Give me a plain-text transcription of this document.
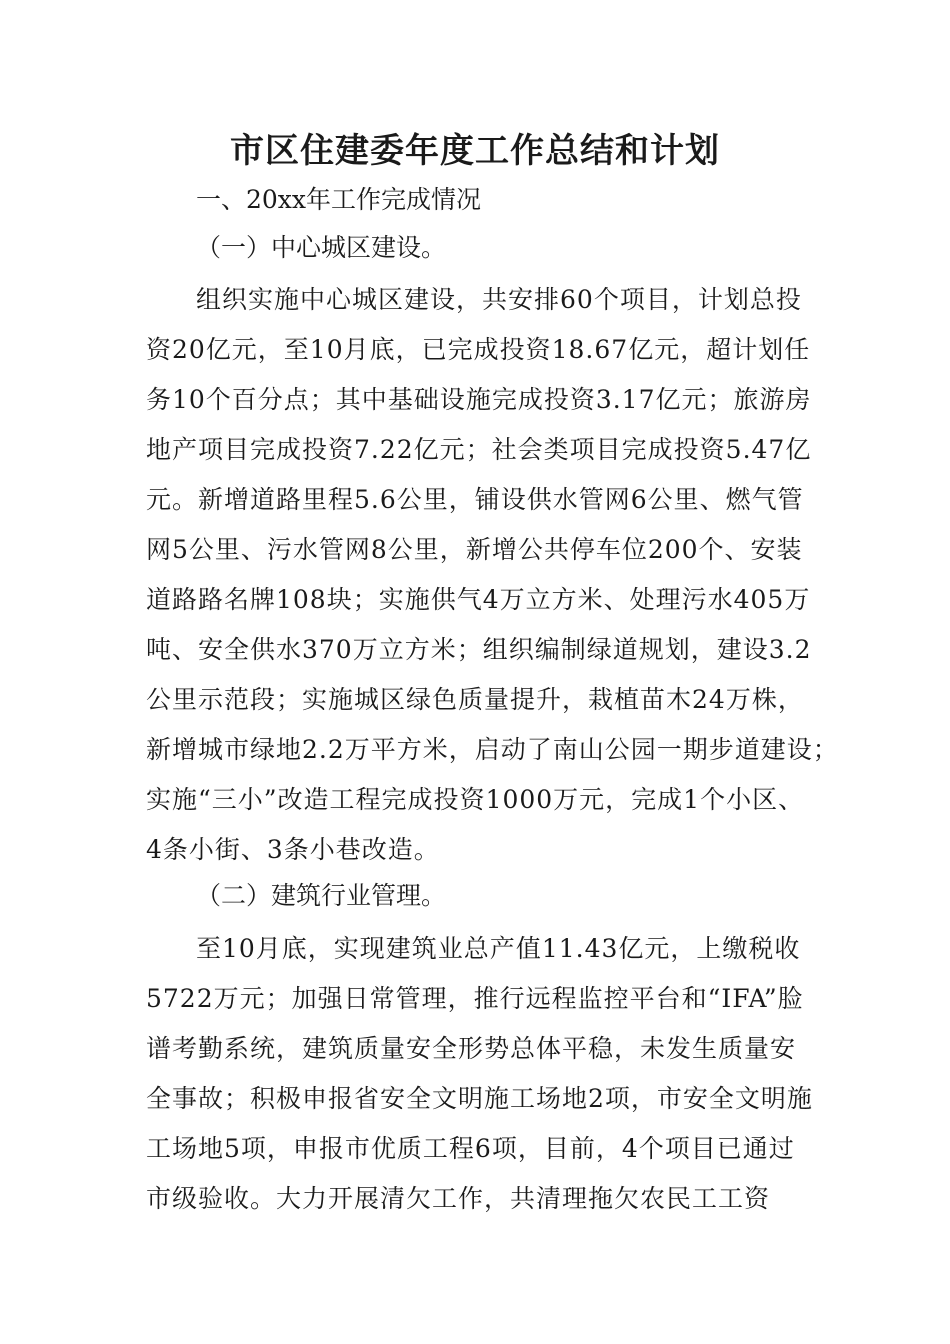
市区住建委年度工作总结和计划

一、20xx年工作完成情况

（一）中心城区建设。

组织实施中心城区建设，共安排60个项目，计划总投
资20亿元，至10月底，已完成投资18.67亿元，超计划任
务10个百分点；其中基础设施完成投资3.17亿元；旅游房
地产项目完成投资7.22亿元；社会类项目完成投资5.47亿
元。新增道路里程5.6公里，铺设供水管网6公里、燃气管
网5公里、污水管网8公里，新增公共停车位200个、安装
道路路名牌108块；实施供气4万立方米、处理污水405万
吨、安全供水370万立方米；组织编制绿道规划，建设3.2
公里示范段；实施城区绿色质量提升，栽植苗木24万株，
新增城市绿地2.2万平方米，启动了南山公园一期步道建设；
实施“三小”改造工程完成投资1000万元，完成1个小区、
4条小街、3条小巷改造。

（二）建筑行业管理。

至10月底，实现建筑业总产值11.43亿元，上缴税收
5722万元；加强日常管理，推行远程监控平台和“IFA”脸
谱考勤系统，建筑质量安全形势总体平稳，未发生质量安
全事故；积极申报省安全文明施工场地2项，市安全文明施
工场地5项，申报市优质工程6项，目前，4个项目已通过
市级验收。大力开展清欠工作，共清理拖欠农民工工资
